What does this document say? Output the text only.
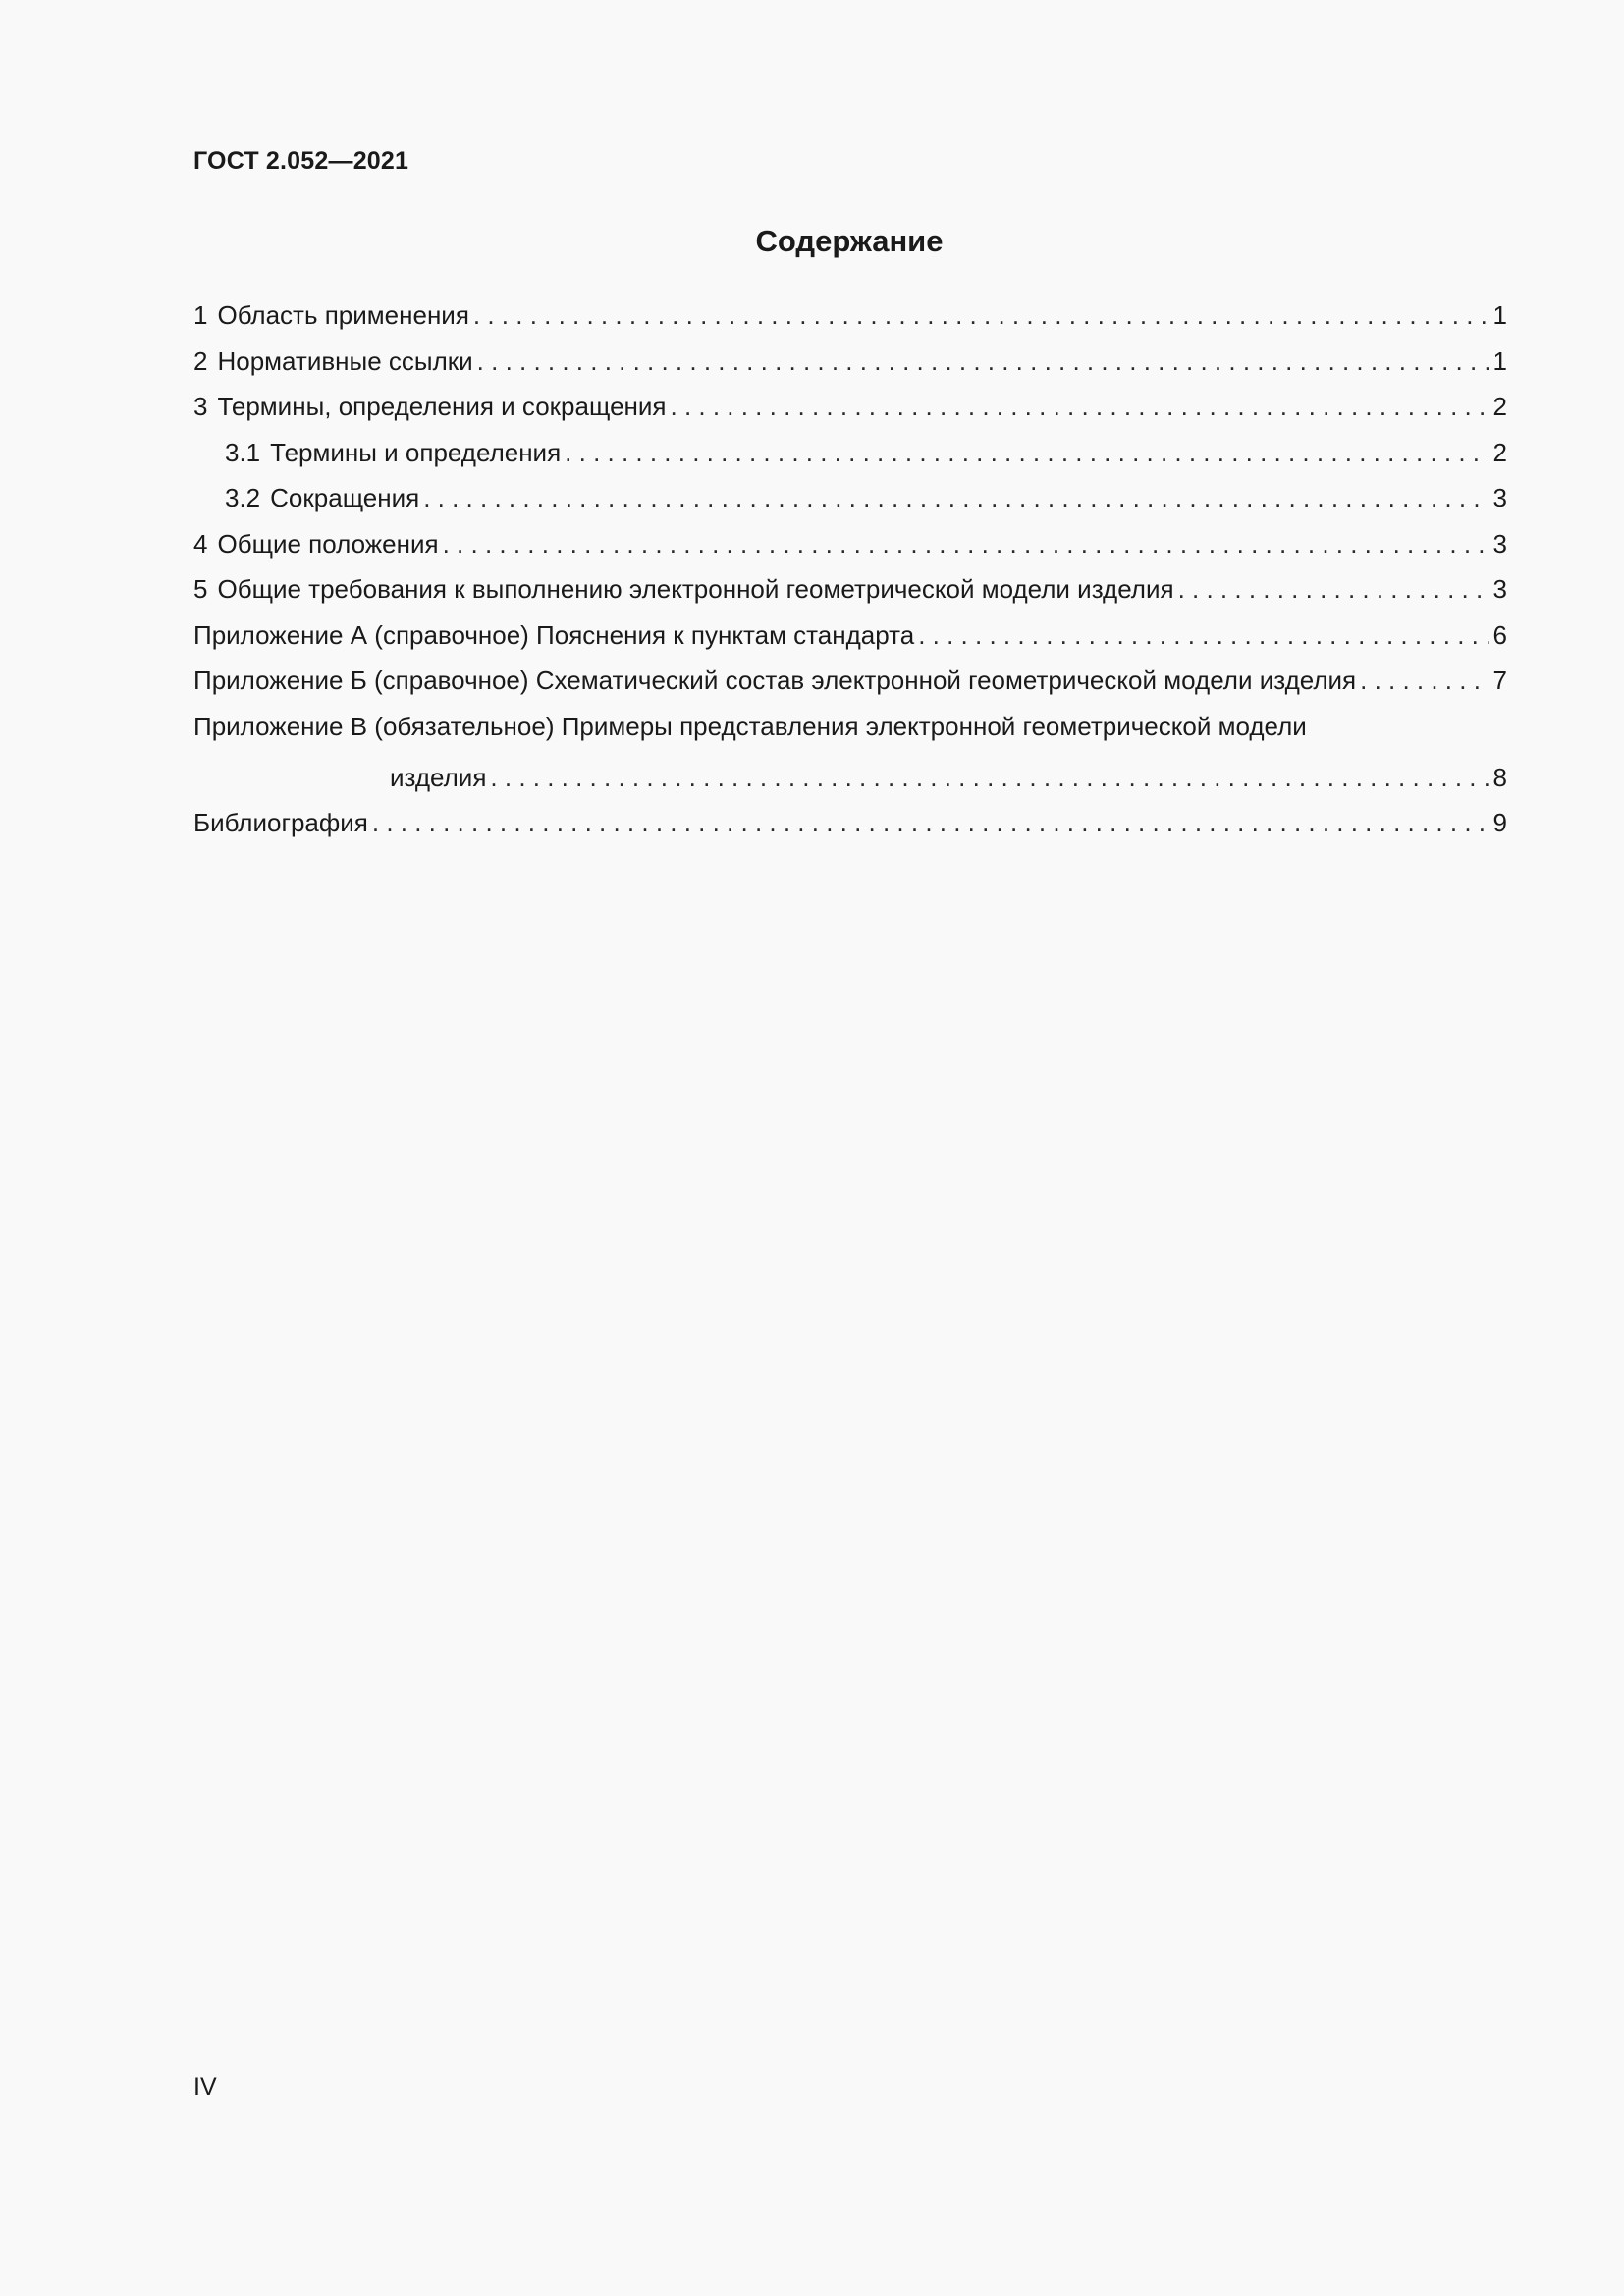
ГОСТ 2.052—2021
Содержание
1 Область применения . . .	1
2 Нормативные ссылки . . .	1
3 Термины, определения и сокращения . . .	2
3.1 Термины и определения . . .	2
3.2 Сокращения . . .	3
4 Общие положения . . .	3
5 Общие требования к выполнению электронной геометрической модели изделия . . .	3
Приложение А (справочное) Пояснения к пунктам стандарта . . .	6
Приложение Б (справочное) Схематический состав электронной геометрической модели изделия . . .	7
Приложение В (обязательное) Примеры представления электронной геометрической модели
изделия . . .	8
Библиография . . .	9
IV
